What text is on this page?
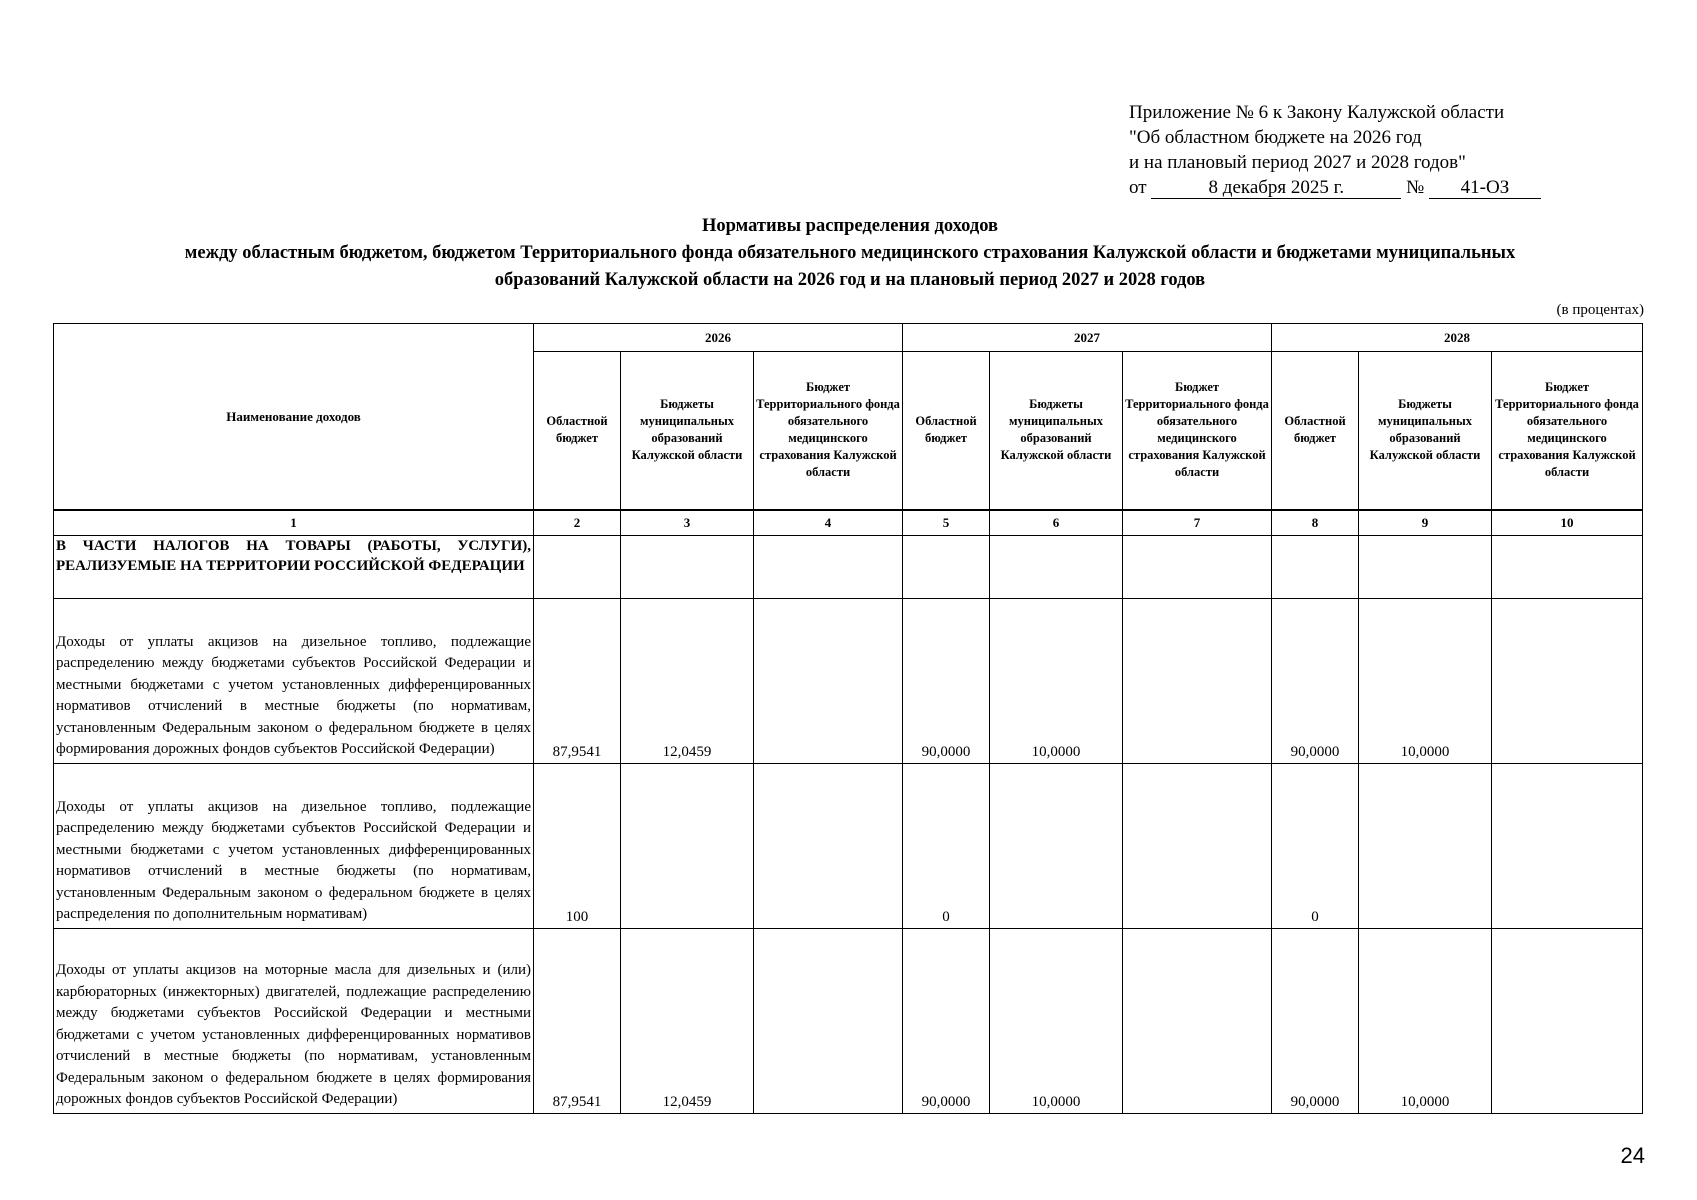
Приложение № 6 к Закону Калужской области
"Об областном бюджете на 2026 год
и на плановый период 2027 и 2028 годов"
от	8 декабря 2025 г.	№ 41-ОЗ
Нормативы распределения доходов
между областным бюджетом, бюджетом Территориального фонда обязательного медицинского страхования Калужской области и бюджетами муниципальных
образований Калужской области на 2026 год и на плановый период 2027 и 2028 годов
(в процентах)
Наименование доходов	2026			2027			2028		
	Областной бюджет	Бюджеты муниципальных образований Калужской области	Бюджет Территориального фонда обязательного медицинского страхования Калужской области	Областной бюджет	Бюджеты муниципальных образований Калужской области	Бюджет Территориального фонда обязательного медицинского страхования Калужской области	Областной бюджет	Бюджеты муниципальных образований Калужской области	Бюджет Территориального фонда обязательного медицинского страхования Калужской области
1	2	3	4	5	6	7	8	9	10
В ЧАСТИ НАЛОГОВ НА ТОВАРЫ (РАБОТЫ, УСЛУГИ), РЕАЛИЗУЕМЫЕ НА ТЕРРИТОРИИ РОССИЙСКОЙ ФЕДЕРАЦИИ									
Доходы от уплаты акцизов на дизельное топливо, подлежащие распределению между бюджетами субъектов Российской Федерации и местными бюджетами с учетом установленных дифференцированных нормативов отчислений в местные бюджеты (по нормативам, установленным Федеральным законом о федеральном бюджете в целях формирования дорожных фондов субъектов Российской Федерации)	87,9541	12,0459		90,0000	10,0000		90,0000	10,0000	
Доходы от уплаты акцизов на дизельное топливо, подлежащие распределению между бюджетами субъектов Российской Федерации и местными бюджетами с учетом установленных дифференцированных нормативов отчислений в местные бюджеты (по нормативам, установленным Федеральным законом о федеральном бюджете в целях распределения по дополнительным нормативам)	100			0			0		
Доходы от уплаты акцизов на моторные масла для дизельных и (или) карбюраторных (инжекторных) двигателей, подлежащие распределению между бюджетами субъектов Российской Федерации и местными бюджетами с учетом установленных дифференцированных нормативов отчислений в местные бюджеты (по нормативам, установленным Федеральным законом о федеральном бюджете в целях формирования дорожных фондов субъектов Российской Федерации)	87,9541	12,0459		90,0000	10,0000		90,0000	10,0000	
24
